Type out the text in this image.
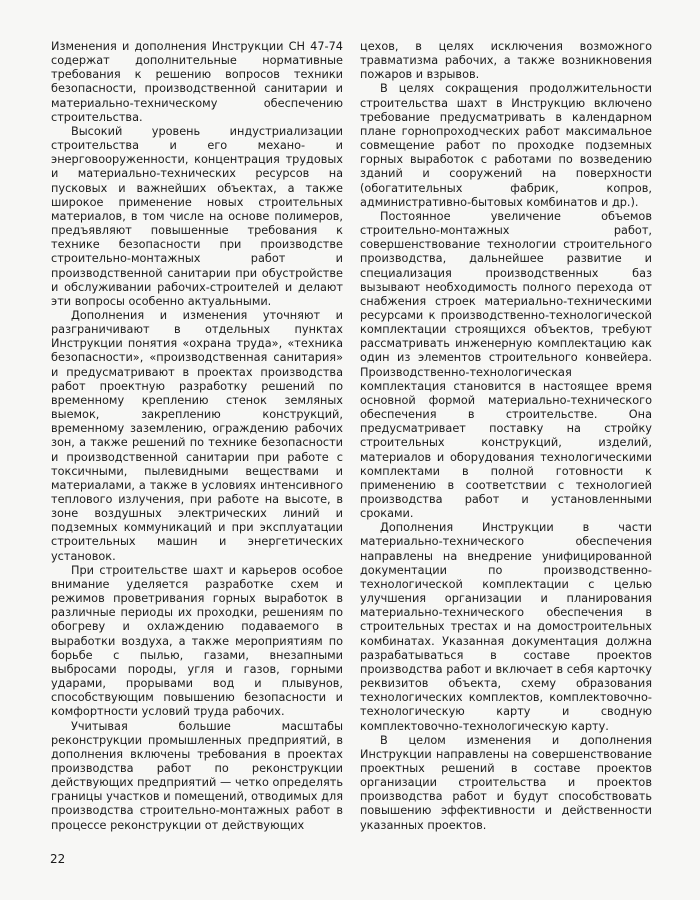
Изменения и дополнения Инструкции СН 47-74 содержат дополнительные нормативные требования к решению вопросов техники безопасности, производственной санитарии и материально-техническому обеспечению строительства.

Высокий уровень индустриализации строительства и его механо- и энерговооруженности, концентрация трудовых и материально-технических ресурсов на пусковых и важнейших объектах, а также широкое применение новых строительных материалов, в том числе на основе полимеров, предъявляют повышенные требования к технике безопасности при производстве строительно-монтажных работ и производственной санитарии при обустройстве и обслуживании рабочих-строителей и делают эти вопросы особенно актуальными.

Дополнения и изменения уточняют и разграничивают в отдельных пунктах Инструкции понятия «охрана труда», «техника безопасности», «производственная санитария» и предусматривают в проектах производства работ проектную разработку решений по временному креплению стенок земляных выемок, закреплению конструкций, временному заземлению, ограждению рабочих зон, а также решений по технике безопасности и производственной санитарии при работе с токсичными, пылевидными веществами и материалами, а также в условиях интенсивного теплового излучения, при работе на высоте, в зоне воздушных электрических линий и подземных коммуникаций и при эксплуатации строительных машин и энергетических установок.

При строительстве шахт и карьеров особое внимание уделяется разработке схем и режимов проветривания горных выработок в различные периоды их проходки, решениям по обогреву и охлаждению подаваемого в выработки воздуха, а также мероприятиям по борьбе с пылью, газами, внезапными выбросами породы, угля и газов, горными ударами, прорывами вод и плывунов, способствующим повышению безопасности и комфортности условий труда рабочих.

Учитывая большие масштабы реконструкции промышленных предприятий, в дополнения включены требования в проектах производства работ по реконструкции действующих предприятий — четко определять границы участков и помещений, отводимых для производства строительно-монтажных работ в процессе реконструкции от действующих

цехов, в целях исключения возможного травматизма рабочих, а также возникновения пожаров и взрывов.

В целях сокращения продолжительности строительства шахт в Инструкцию включено требование предусматривать в календарном плане горнопроходческих работ максимальное совмещение работ по проходке подземных горных выработок с работами по возведению зданий и сооружений на поверхности (обогатительных фабрик, копров, административно-бытовых комбинатов и др.).

Постоянное увеличение объемов строительно-монтажных работ, совершенствование технологии строительного производства, дальнейшее развитие и специализация производственных баз вызывают необходимость полного перехода от снабжения строек материально-техническими ресурсами к производственно-технологической комплектации строящихся объектов, требуют рассматривать инженерную комплектацию как один из элементов строительного конвейера. Производственно-технологическая комплектация становится в настоящее время основной формой материально-технического обеспечения в строительстве. Она предусматривает поставку на стройку строительных конструкций, изделий, материалов и оборудования технологическими комплектами в полной готовности к применению в соответствии с технологией производства работ и установленными сроками.

Дополнения Инструкции в части материально-технического обеспечения направлены на внедрение унифицированной документации по производственно-технологической комплектации с целью улучшения организации и планирования материально-технического обеспечения в строительных трестах и на домостроительных комбинатах. Указанная документация должна разрабатываться в составе проектов производства работ и включает в себя карточку реквизитов объекта, схему образования технологических комплектов, комплектовочно-технологическую карту и сводную комплектовочно-технологическую карту.

В целом изменения и дополнения Инструкции направлены на совершенствование проектных решений в составе проектов организации строительства и проектов производства работ и будут способствовать повышению эффективности и действенности указанных проектов.

22
